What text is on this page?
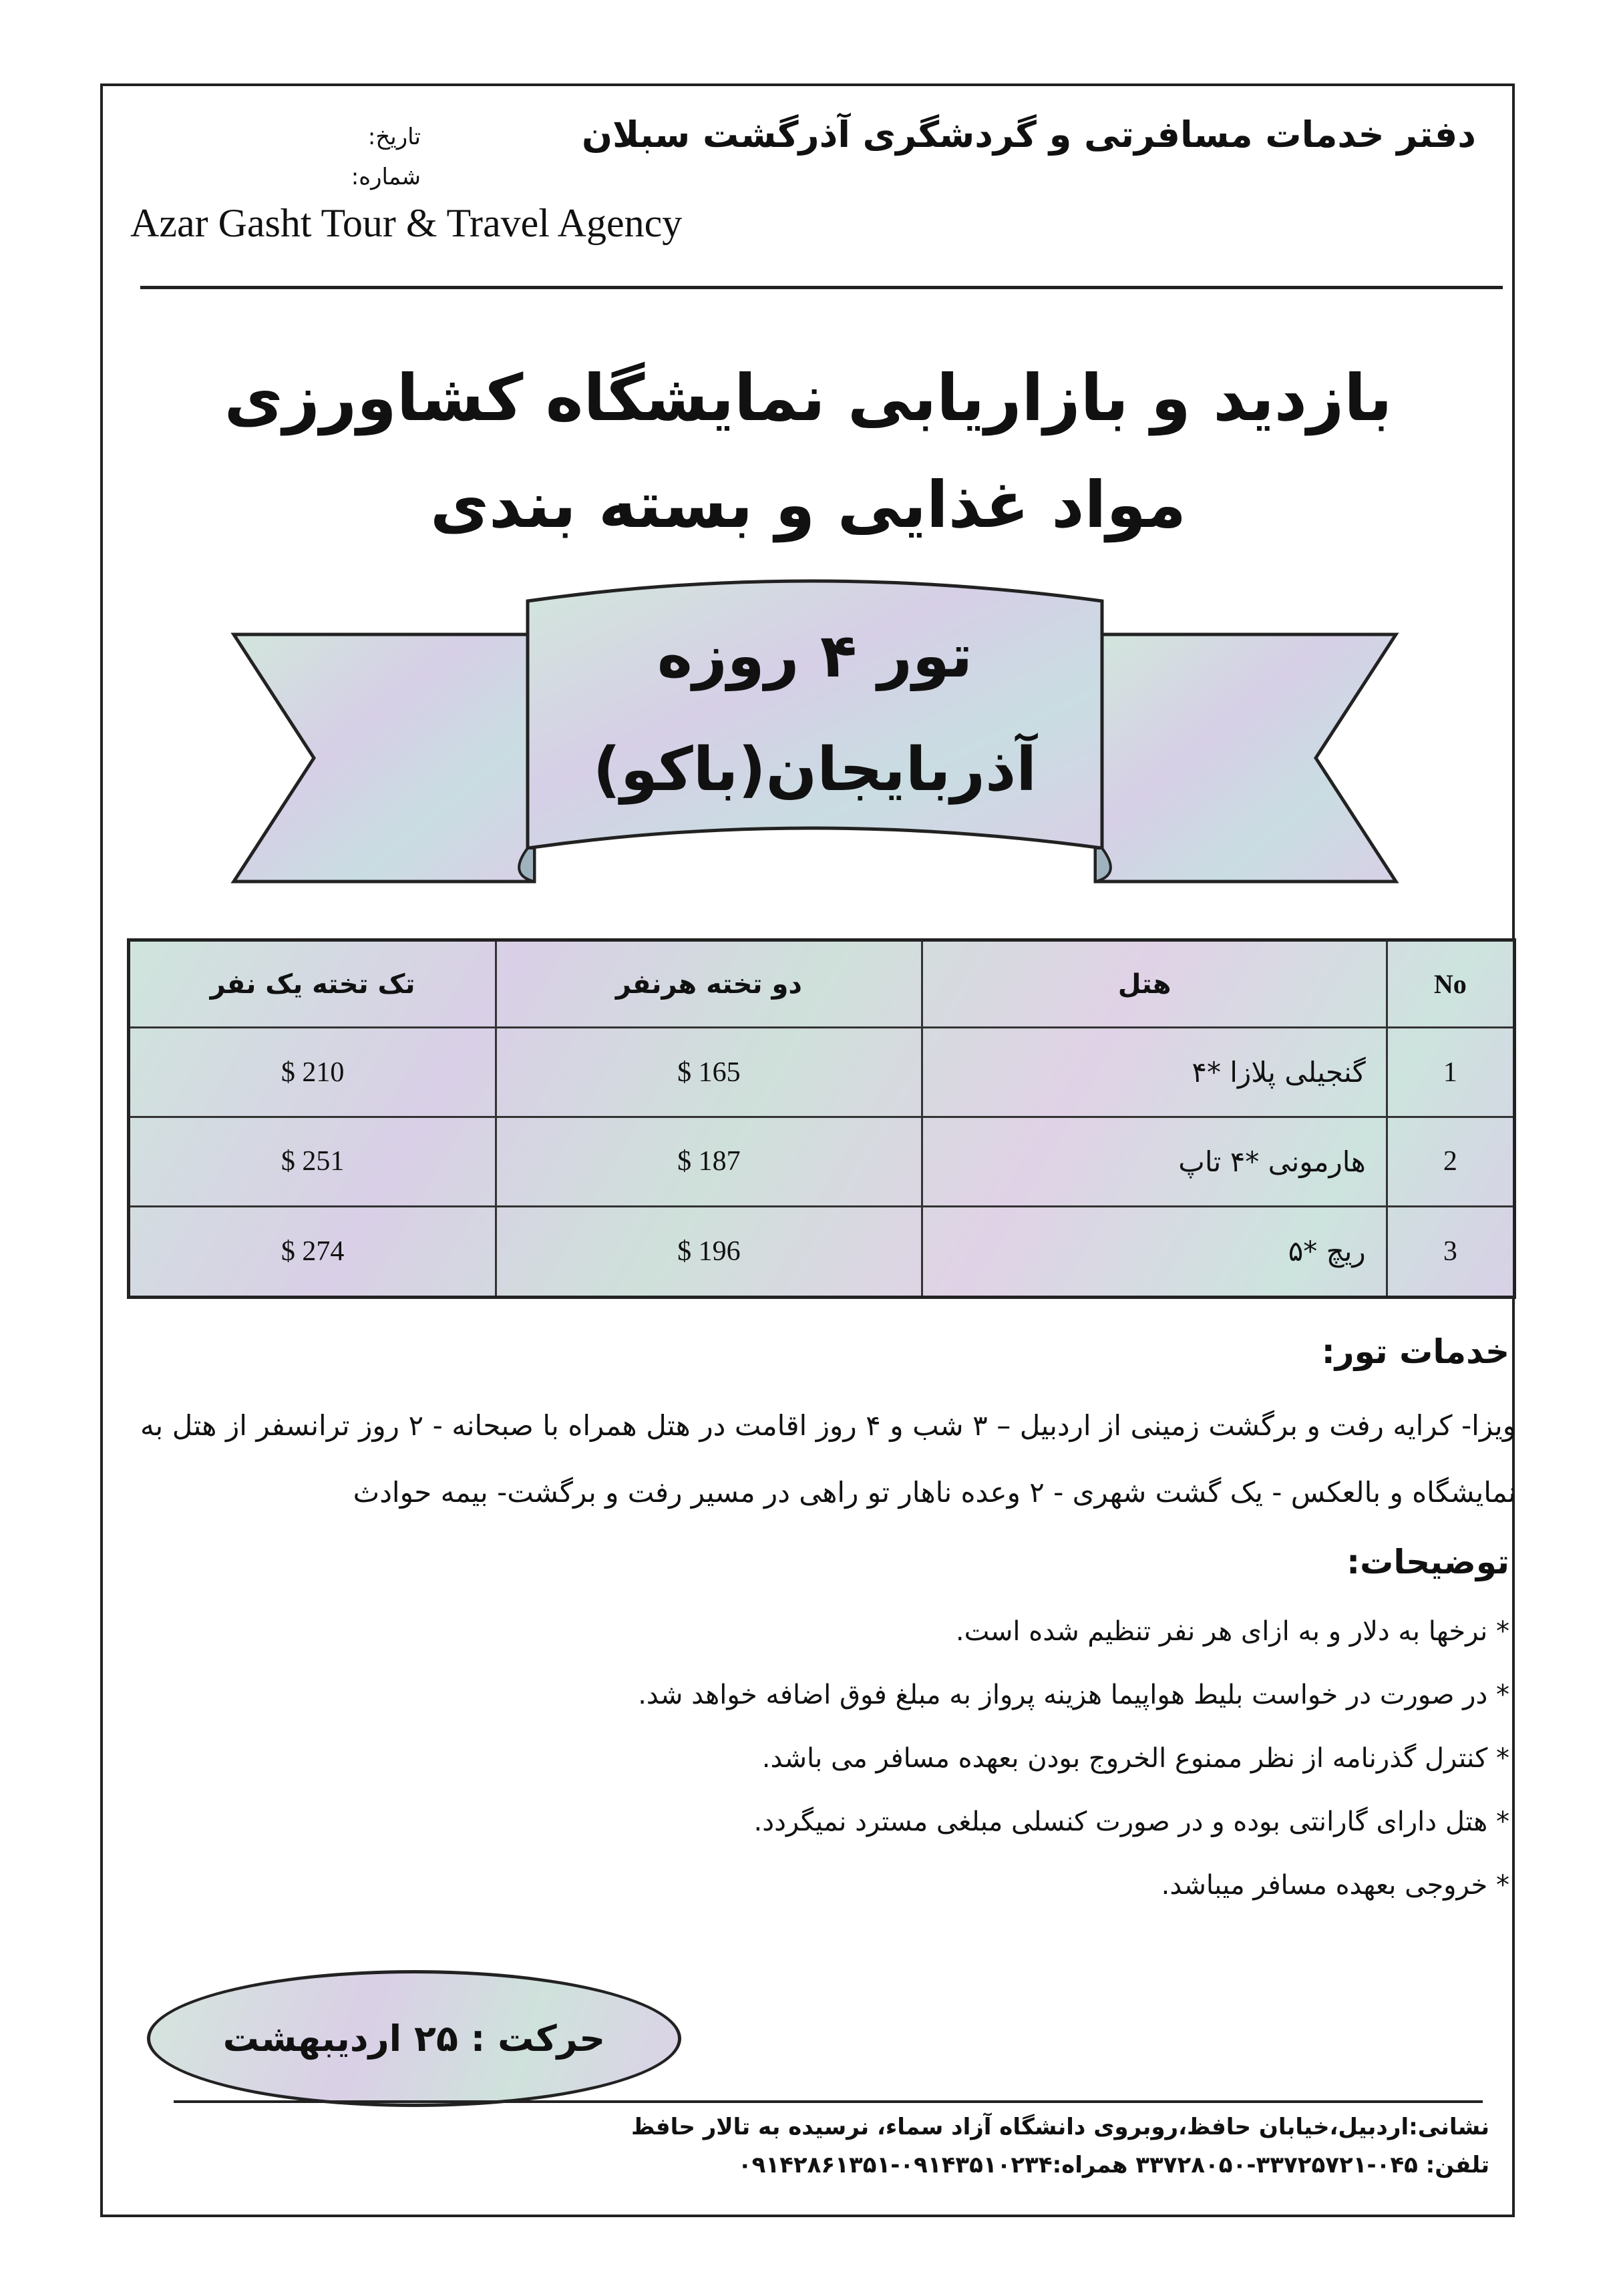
دفتر خدمات مسافرتی و گردشگری آذرگشت سبلان
تاریخ:
شماره:
Azar Gasht Tour & Travel Agency
بازدید و بازاریابی نمایشگاه کشاورزی
مواد غذایی و بسته بندی
تور ۴ روزه
آذربایجان(باکو)
No	هتل	دو تخته هرنفر	تک تخته یک نفر
1	گنجیلی پلازا *۴	165 $	210 $
2	هارمونی *۴ تاپ	187 $	251 $
3	ریچ *۵	196 $	274 $
خدمات تور:
ویزا- کرایه رفت و برگشت زمینی از اردبیل – ۳ شب و ۴ روز اقامت در هتل همراه با صبحانه - ۲ روز ترانسفر از هتل به نمایشگاه و بالعکس - یک گشت شهری - ۲ وعده ناهار تو راهی در مسیر رفت و برگشت- بیمه حوادث
توضیحات:
* نرخها به دلار و به ازای هر نفر تنظیم شده است.
* در صورت در خواست بلیط هواپیما هزینه پرواز به مبلغ فوق اضافه خواهد شد.
* کنترل گذرنامه از نظر ممنوع الخروج بودن بعهده مسافر می باشد.
* هتل دارای گارانتی بوده و در صورت کنسلی مبلغی مسترد نمیگردد.
* خروجی بعهده مسافر میباشد.
حرکت : ۲۵ اردیبهشت
نشانی:اردبیل،خیابان حافظ،روبروی دانشگاه آزاد سماء، نرسیده به تالار حافظ
تلفن: ۰۴۵-۳۳۷۲۵۷۲۱-۳۳۷۲۸۰۵۰ همراه:۰۹۱۴۳۵۱۰۲۳۴-۰۹۱۴۲۸۶۱۳۵۱
